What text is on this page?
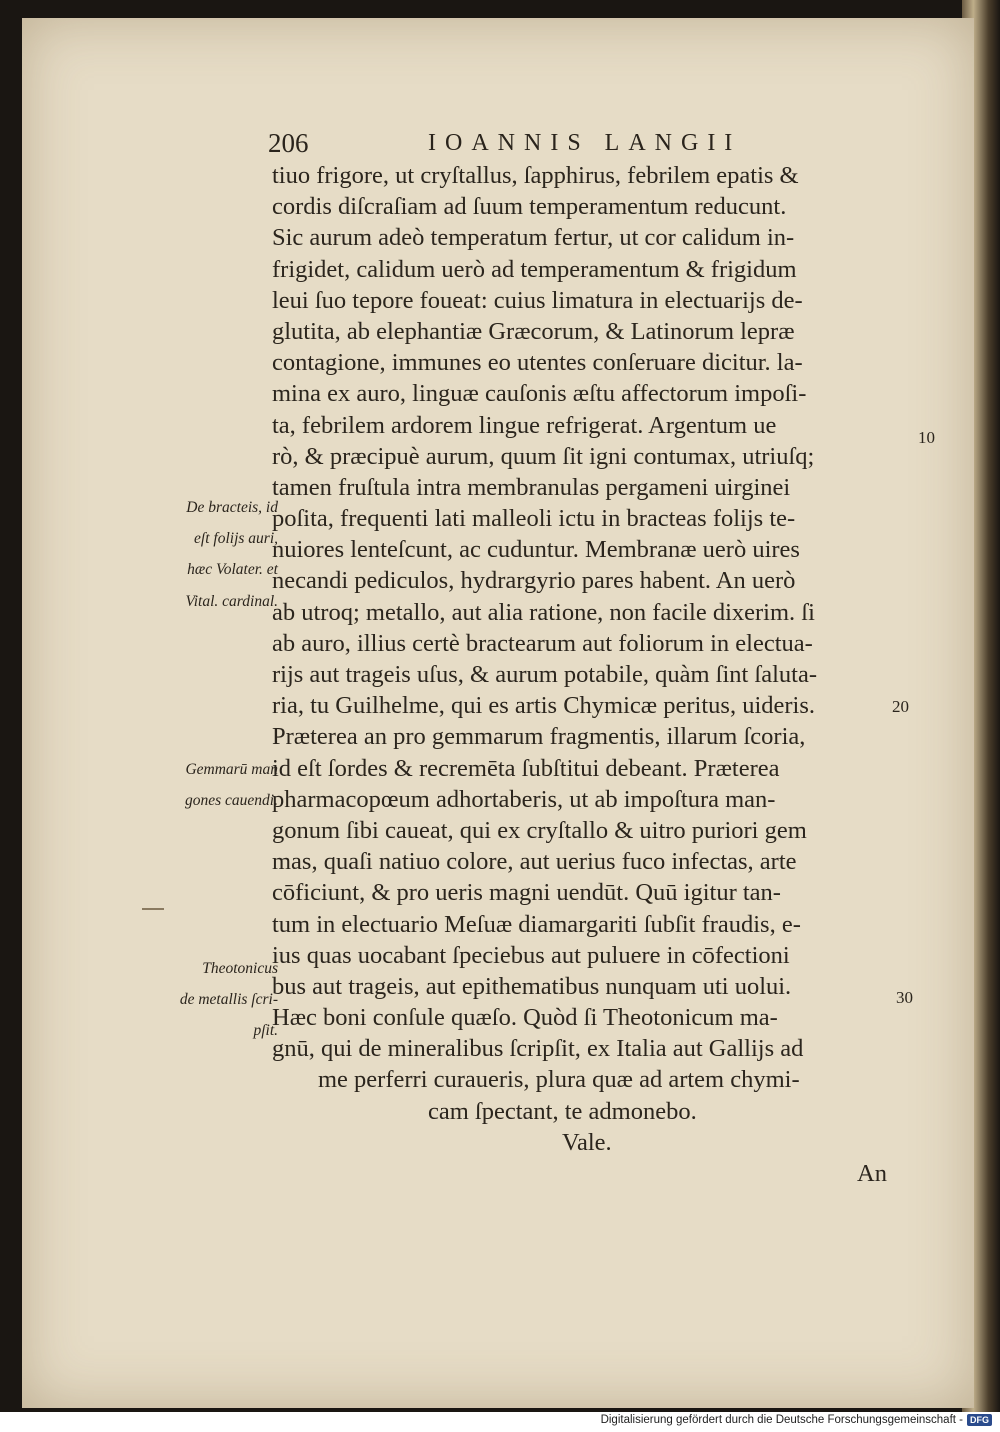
206	IOANNIS LANGII
tiuo frigore, ut cryſtallus, ſapphirus, febrilem epatis &
cordis diſcraſiam ad ſuum temperamentum reducunt.
Sic aurum adeò temperatum fertur, ut cor calidum in-
frigidet, calidum uerò ad temperamentum & frigidum
leui ſuo tepore foueat: cuius limatura in electuarijs de-
glutita, ab elephantiæ Græcorum, & Latinorum lepræ
contagione, immunes eo utentes conſeruare dicitur. la-
mina ex auro, linguæ cauſonis æſtu affectorum impoſi-
ta, febrilem ardorem lingue refrigerat. Argentum ue
rò, & præcipuè aurum, quum ſit igni contumax, utriuſq;
tamen fruſtula intra membranulas pergameni uirginei
poſita, frequenti lati malleoli ictu in bracteas folijs te-
nuiores lenteſcunt, ac cuduntur. Membranæ uerò uires
necandi pediculos, hydrargyrio pares habent. An uerò
ab utroq; metallo, aut alia ratione, non facile dixerim. ſi
ab auro, illius certè bractearum aut foliorum in electua-
rijs aut trageis uſus, & aurum potabile, quàm ſint ſaluta-
ria, tu Guilhelme, qui es artis Chymicæ peritus, uideris.
Præterea an pro gemmarum fragmentis, illarum ſcoria,
id eſt ſordes & recremēta ſubſtitui debeant. Præterea
pharmacopœum adhortaberis, ut ab impoſtura man-
gonum ſibi caueat, qui ex cryſtallo & uitro puriori gem
mas, quaſi natiuo colore, aut uerius fuco infectas, arte
cōficiunt, & pro ueris magni uendūt. Quū igitur tan-
tum in electuario Meſuæ diamargariti ſubſit fraudis, e-
ius quas uocabant ſpeciebus aut puluere in cōfectioni
bus aut trageis, aut epithematibus nunquam uti uolui.
Hæc boni conſule quæſo. Quòd ſi Theotonicum ma-
gnū, qui de mineralibus ſcripſit, ex Italia aut Gallijs ad
me perferri curaueris, plura quæ ad artem chymi-
cam ſpectant, te admonebo.
Vale.
An
De bracteis, id
eſt folijs auri,
hæc Volater. et
Vital. cardinal.
Gemmarū man
gones cauendi.
Theotonicus
de metallis ſcri-
pſit.
10
20
30
Digitalisierung gefördert durch die Deutsche Forschungsgemeinschaft - DFG
